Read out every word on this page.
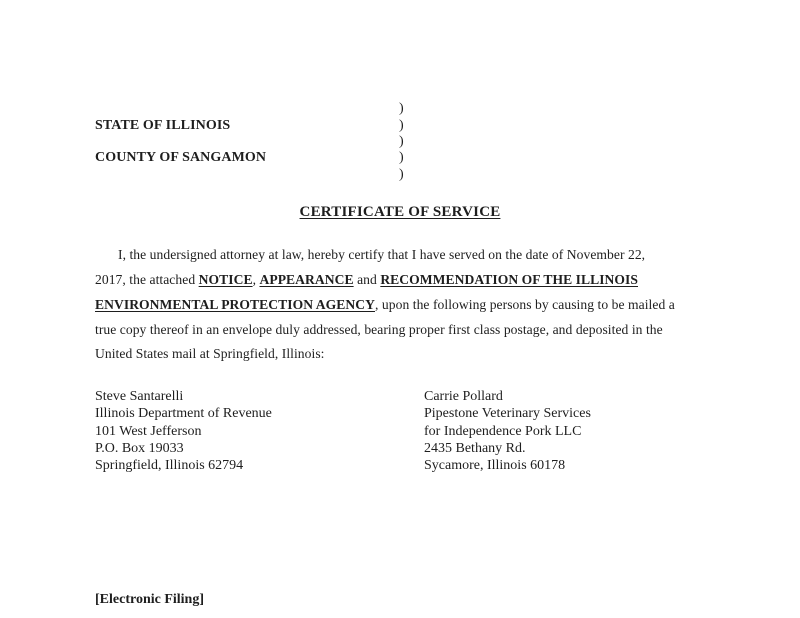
STATE OF ILLINOIS
COUNTY OF SANGAMON
)
)
)
)
)
CERTIFICATE OF SERVICE
I, the undersigned attorney at law, hereby certify that I have served on the date of November 22,
2017, the attached NOTICE, APPEARANCE and RECOMMENDATION OF THE ILLINOIS
ENVIRONMENTAL PROTECTION AGENCY, upon the following persons by causing to be mailed a
true copy thereof in an envelope duly addressed, bearing proper first class postage, and deposited in the
United States mail at Springfield, Illinois:
Steve Santarelli
Illinois Department of Revenue
101 West Jefferson
P.O. Box 19033
Springfield, Illinois 62794
Carrie Pollard
Pipestone Veterinary Services
for Independence Pork LLC
2435 Bethany Rd.
Sycamore, Illinois 60178
[Electronic Filing]
